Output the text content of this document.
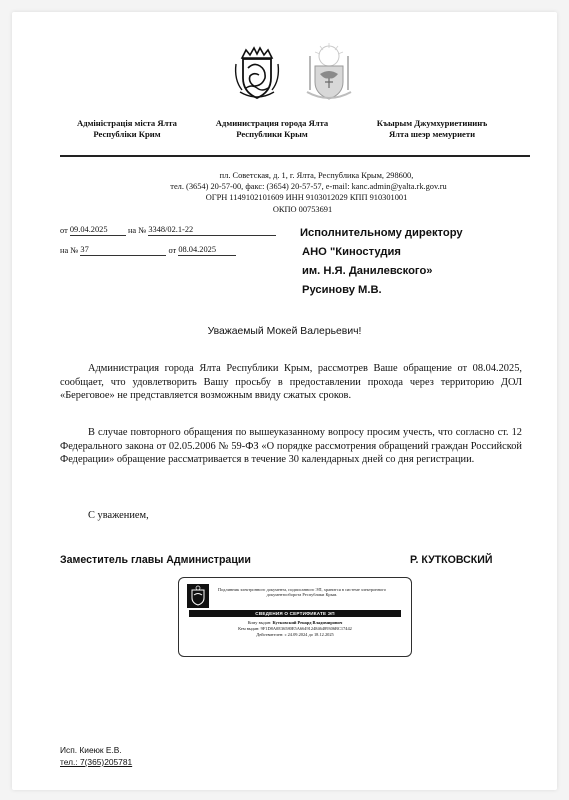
Адміністрація міста Ялта
Республіки Крим
Администрация города Ялта
Республики Крым
Къырым Джумхуриетининъ
Ялта шеэр мемуриети
пл. Советская, д. 1, г. Ялта, Республика Крым, 298600,
тел. (3654) 20-57-00, факс: (3654) 20-57-57, e-mail: kanc.admin@yalta.rk.gov.ru
ОГРН 1149102101609 ИНН 9103012029 КПП 910301001
ОКПО 00753691
от 09.04.2025 на № 3348/02.1-22
на № 37	от 08.04.2025
Исполнительному директору
АНО "Киностудия
им. Н.Я. Данилевского»
Русинову М.В.
Уважаемый Мокей Валерьевич!
Администрация города Ялта Республики Крым, рассмотрев Ваше обращение от 08.04.2025, сообщает, что удовлетворить Вашу просьбу в предоставлении прохода через территорию ДОЛ «Береговое» не представляется возможным ввиду сжатых сроков.
В случае повторного обращения по вышеуказанному вопросу просим учесть, что согласно ст. 12 Федерального закона от 02.05.2006 № 59-ФЗ «О порядке рассмотрения обращений граждан Российской Федерации» обращение рассматривается в течение 30 календарных дней со дня регистрации.
С уважением,
Заместитель главы Администрации	Р. КУТКОВСКИЙ
Подлинник электронного документа, подписанного ЭП, хранится в системе электронного документооборота Республики Крым.
СВЕДЕНИЯ О СЕРТИФИКАТЕ ЭП
Кому выдан: Кутковский Ренард Владимирович
Кем выдан: 9F1D8A0E36580E5A6649124846489306BC17442
Действителен: с 24.09.2024 до 18.12.2025
Исп. Киеюк Е.В.
тел.: 7(365)205781
